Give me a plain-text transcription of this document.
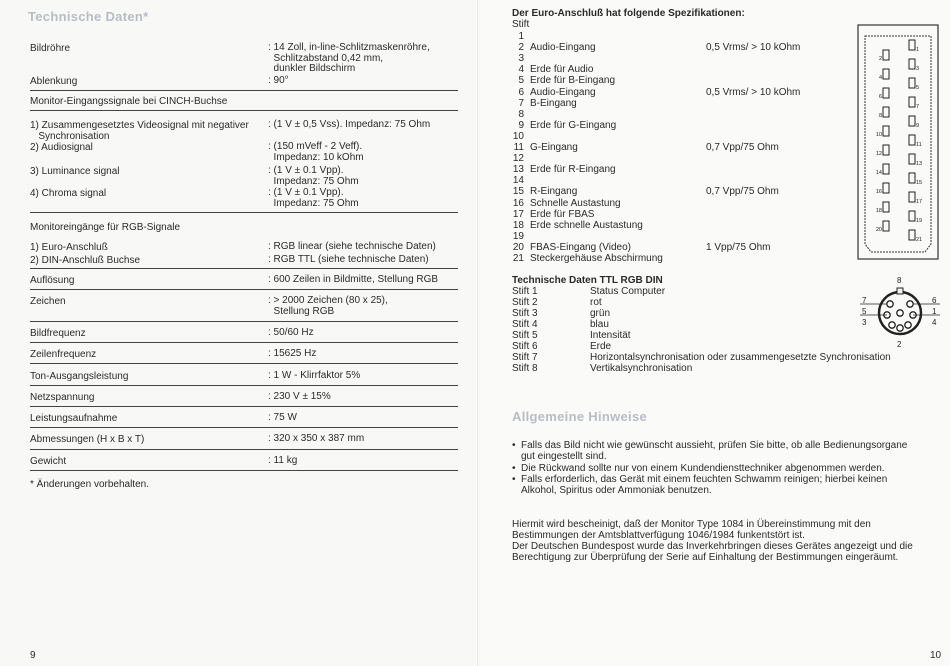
Technische Daten*
Bildröhre	: 14 Zoll, in-line-Schlitzmaskenröhre,
Schlitzabstand 0,42 mm,
dunkler Bildschirm
Ablenkung	: 90°
Monitor-Eingangssignale bei CINCH-Buchse
1) Zusammengesetztes Videosignal mit negativer
Synchronisation
: (1 V ± 0,5 Vss). Impedanz: 75 Ohm
2) Audiosignal	: (150 mVeff - 2 Veff).
Impedanz: 10 kOhm
3) Luminance signal	: (1 V ± 0.1 Vpp).
Impedanz: 75 Ohm
4) Chroma signal	: (1 V ± 0.1 Vpp).
Impedanz: 75 Ohm
Monitoreingänge für RGB-Signale
1) Euro-Anschluß	: RGB linear (siehe technische Daten)
2) DIN-Anschluß Buchse	: RGB TTL (siehe technische Daten)
Auflösung	: 600 Zeilen in Bildmitte, Stellung RGB
Zeichen	: > 2000 Zeichen (80 x 25),
Stellung RGB
Bildfrequenz	: 50/60 Hz
Zeilenfrequenz	: 15625 Hz
Ton-Ausgangsleistung	: 1 W - Klirrfaktor 5%
Netzspannung	: 230 V ± 15%
Leistungsaufnahme	: 75 W
Abmessungen (H x B x T)	: 320 x 350 x 387 mm
Gewicht	: 11 kg
* Änderungen vorbehalten.
9
Der Euro-Anschluß hat folgende Spezifikationen:
Stift
1
2 Audio-Eingang	0,5 Vrms/ > 10 kOhm
3
4 Erde für Audio
5 Erde für B-Eingang
6 Audio-Eingang	0,5 Vrms/ > 10 kOhm
7 B-Eingang
8
9 Erde für G-Eingang
10
11 G-Eingang	0,7 Vpp/75 Ohm
12
13 Erde für R-Eingang
14
15 R-Eingang	0,7 Vpp/75 Ohm
16 Schnelle Austastung
17 Erde für FBAS
18 Erde schnelle Austastung
19
20 FBAS-Eingang (Video)	1 Vpp/75 Ohm
21 Steckergehäuse Abschirmung
1
3
5
7
9
11
13
15
17
19
21
2
4
6
8
10
12
14
16
18
20
Technische Daten TTL RGB DIN	8
2
7
5
3
6
1
4
Allgemeine Hinweise
• Falls das Bild nicht wie gewünscht aussieht, prüfen Sie bitte, ob alle Bedienungsorgane
gut eingestellt sind.
• Die Rückwand sollte nur von einem Kundendiensttechniker abgenommen werden.
• Falls erforderlich, das Gerät mit einem feuchten Schwamm reinigen; hierbei keinen
Alkohol, Spiritus oder Ammoniak benutzen.
Hiermit wird bescheinigt, daß der Monitor Type 1084 in Übereinstimmung mit den
Bestimmungen der Amtsblattverfügung 1046/1984 funkentstört ist.
Der Deutschen Bundespost wurde das Inverkehrbringen dieses Gerätes angezeigt und die
Berechtigung zur Überprüfung der Serie auf Einhaltung der Bestimmungen eingeräumt.
10
Stift 1	Status Computer
Stift 2	rot
Stift 3	grün
Stift 4	blau
Stift 5	Intensität
Stift 6	Erde
Stift 7	Horizontalsynchronisation oder zusammengesetzte Synchronisation
Stift 8	Vertikalsynchronisation
